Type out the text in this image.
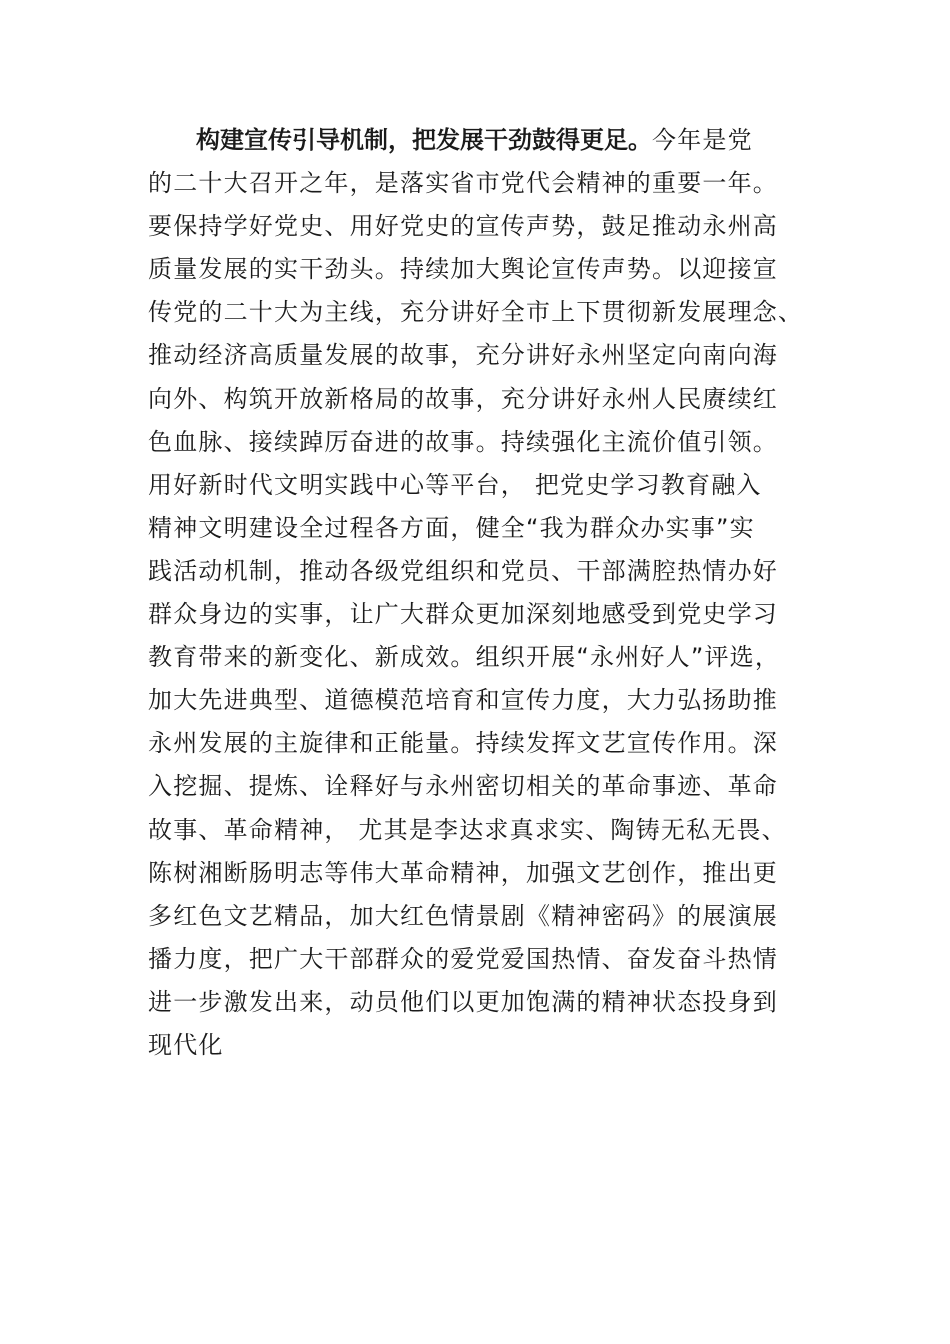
构建宣传引导机制，把发展干劲鼓得更足。今年是党
的二十大召开之年，是落实省市党代会精神的重要一年。
要保持学好党史、用好党史的宣传声势，鼓足推动永州高
质量发展的实干劲头。持续加大舆论宣传声势。以迎接宣
传党的二十大为主线，充分讲好全市上下贯彻新发展理念、
推动经济高质量发展的故事，充分讲好永州坚定向南向海
向外、构筑开放新格局的故事，充分讲好永州人民赓续红
色血脉、接续踔厉奋进的故事。持续强化主流价值引领。
用好新时代文明实践中心等平台， 把党史学习教育融入
精神文明建设全过程各方面，健全“我为群众办实事”实
践活动机制，推动各级党组织和党员、干部满腔热情办好
群众身边的实事，让广大群众更加深刻地感受到党史学习
教育带来的新变化、新成效。组织开展“永州好人”评选，
加大先进典型、道德模范培育和宣传力度，大力弘扬助推
永州发展的主旋律和正能量。持续发挥文艺宣传作用。深
入挖掘、提炼、诠释好与永州密切相关的革命事迹、革命
故事、革命精神， 尤其是李达求真求实、陶铸无私无畏、
陈树湘断肠明志等伟大革命精神，加强文艺创作，推出更
多红色文艺精品，加大红色情景剧《精神密码》的展演展
播力度，把广大干部群众的爱党爱国热情、奋发奋斗热情
进一步激发出来，动员他们以更加饱满的精神状态投身到
现代化
